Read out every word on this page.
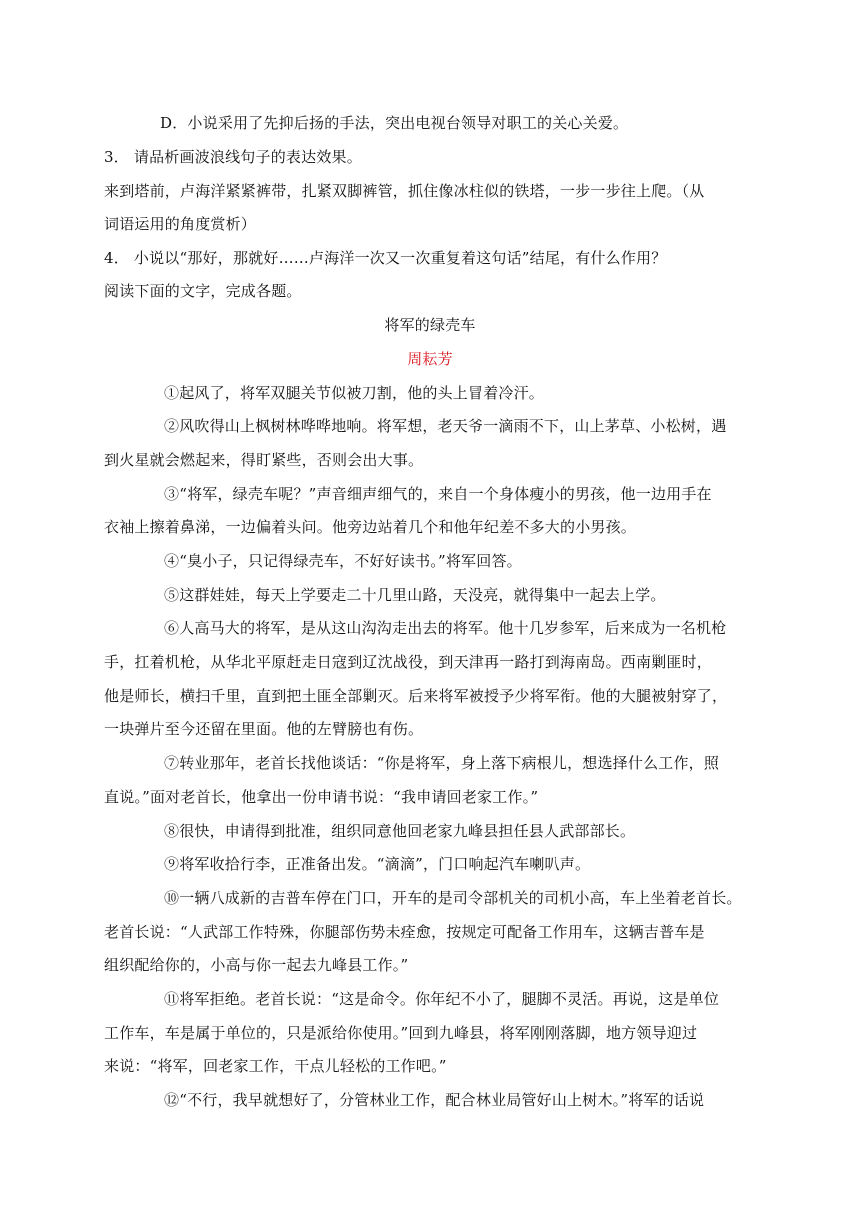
D．小说采用了先抑后扬的手法，突出电视台领导对职工的关心关爱。
3． 请品析画波浪线句子的表达效果。
来到塔前，卢海洋紧紧裤带，扎紧双脚裤管，抓住像冰柱似的铁塔，一步一步往上爬。（从
词语运用的角度赏析）
4． 小说以“那好，那就好……卢海洋一次又一次重复着这句话”结尾，有什么作用？
阅读下面的文字，完成各题。
将军的绿壳车
周耘芳
①起风了，将军双腿关节似被刀割，他的头上冒着冷汗。
②风吹得山上枫树林哗哗地响。将军想，老天爷一滴雨不下，山上茅草、小松树，遇
到火星就会燃起来，得盯紧些，否则会出大事。
③“将军，绿壳车呢？”声音细声细气的，来自一个身体瘦小的男孩，他一边用手在
衣袖上擦着鼻涕，一边偏着头问。他旁边站着几个和他年纪差不多大的小男孩。
④“臭小子，只记得绿壳车，不好好读书。”将军回答。
⑤这群娃娃，每天上学要走二十几里山路，天没亮，就得集中一起去上学。
⑥人高马大的将军，是从这山沟沟走出去的将军。他十几岁参军，后来成为一名机枪
手，扛着机枪，从华北平原赶走日寇到辽沈战役，到天津再一路打到海南岛。西南剿匪时，
他是师长，横扫千里，直到把土匪全部剿灭。后来将军被授予少将军衔。他的大腿被射穿了，
一块弹片至今还留在里面。他的左臂膀也有伤。
⑦转业那年，老首长找他谈话：“你是将军，身上落下病根儿，想选择什么工作，照
直说。”面对老首长，他拿出一份申请书说：“我申请回老家工作。”
⑧很快，申请得到批准，组织同意他回老家九峰县担任县人武部部长。
⑨将军收拾行李，正准备出发。“滴滴”，门口响起汽车喇叭声。
⑩一辆八成新的吉普车停在门口，开车的是司令部机关的司机小高，车上坐着老首长。
老首长说：“人武部工作特殊，你腿部伤势未痊愈，按规定可配备工作用车，这辆吉普车是
组织配给你的，小高与你一起去九峰县工作。”
⑪将军拒绝。老首长说：“这是命令。你年纪不小了，腿脚不灵活。再说，这是单位
工作车，车是属于单位的，只是派给你使用。”回到九峰县，将军刚刚落脚，地方领导迎过
来说：“将军，回老家工作，干点儿轻松的工作吧。”
⑫“不行，我早就想好了，分管林业工作，配合林业局管好山上树木。”将军的话说
